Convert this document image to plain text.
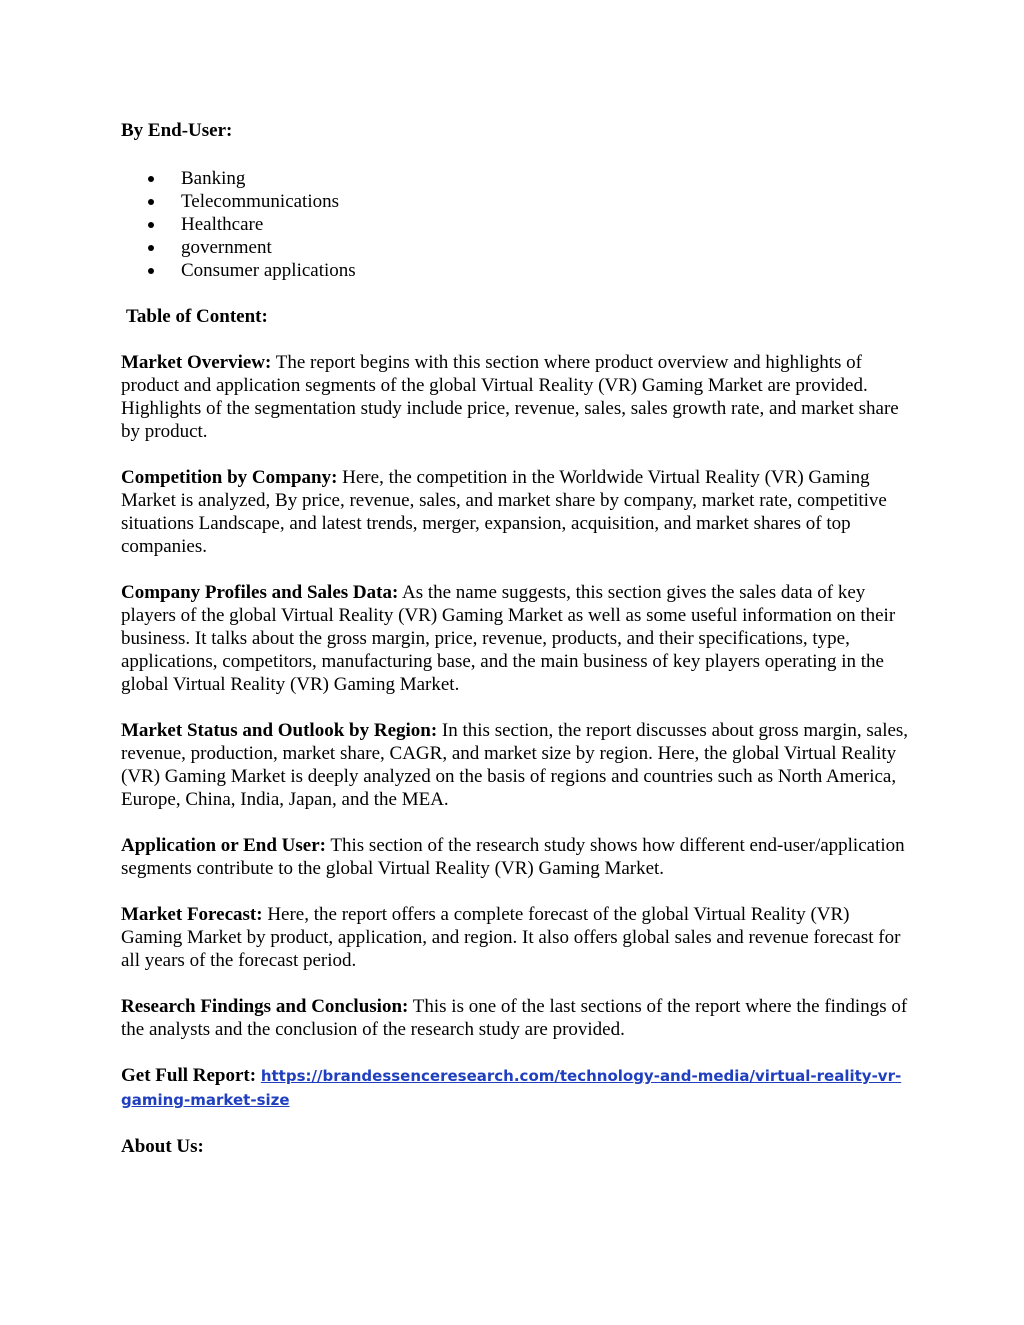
By End-User:

Banking
Telecommunications
Healthcare
government
Consumer applications

Table of Content:

Market Overview: The report begins with this section where product overview and highlights of product and application segments of the global Virtual Reality (VR) Gaming Market are provided. Highlights of the segmentation study include price, revenue, sales, sales growth rate, and market share by product.

Competition by Company: Here, the competition in the Worldwide Virtual Reality (VR) Gaming Market is analyzed, By price, revenue, sales, and market share by company, market rate, competitive situations Landscape, and latest trends, merger, expansion, acquisition, and market shares of top companies.

Company Profiles and Sales Data: As the name suggests, this section gives the sales data of key players of the global Virtual Reality (VR) Gaming Market as well as some useful information on their business. It talks about the gross margin, price, revenue, products, and their specifications, type, applications, competitors, manufacturing base, and the main business of key players operating in the global Virtual Reality (VR) Gaming Market.

Market Status and Outlook by Region: In this section, the report discusses about gross margin, sales, revenue, production, market share, CAGR, and market size by region. Here, the global Virtual Reality (VR) Gaming Market is deeply analyzed on the basis of regions and countries such as North America, Europe, China, India, Japan, and the MEA.

Application or End User: This section of the research study shows how different end-user/application segments contribute to the global Virtual Reality (VR) Gaming Market.

Market Forecast: Here, the report offers a complete forecast of the global Virtual Reality (VR) Gaming Market by product, application, and region. It also offers global sales and revenue forecast for all years of the forecast period.

Research Findings and Conclusion: This is one of the last sections of the report where the findings of the analysts and the conclusion of the research study are provided.

Get Full Report: https://brandessenceresearch.com/technology-and-media/virtual-reality-vr-gaming-market-size

About Us:
